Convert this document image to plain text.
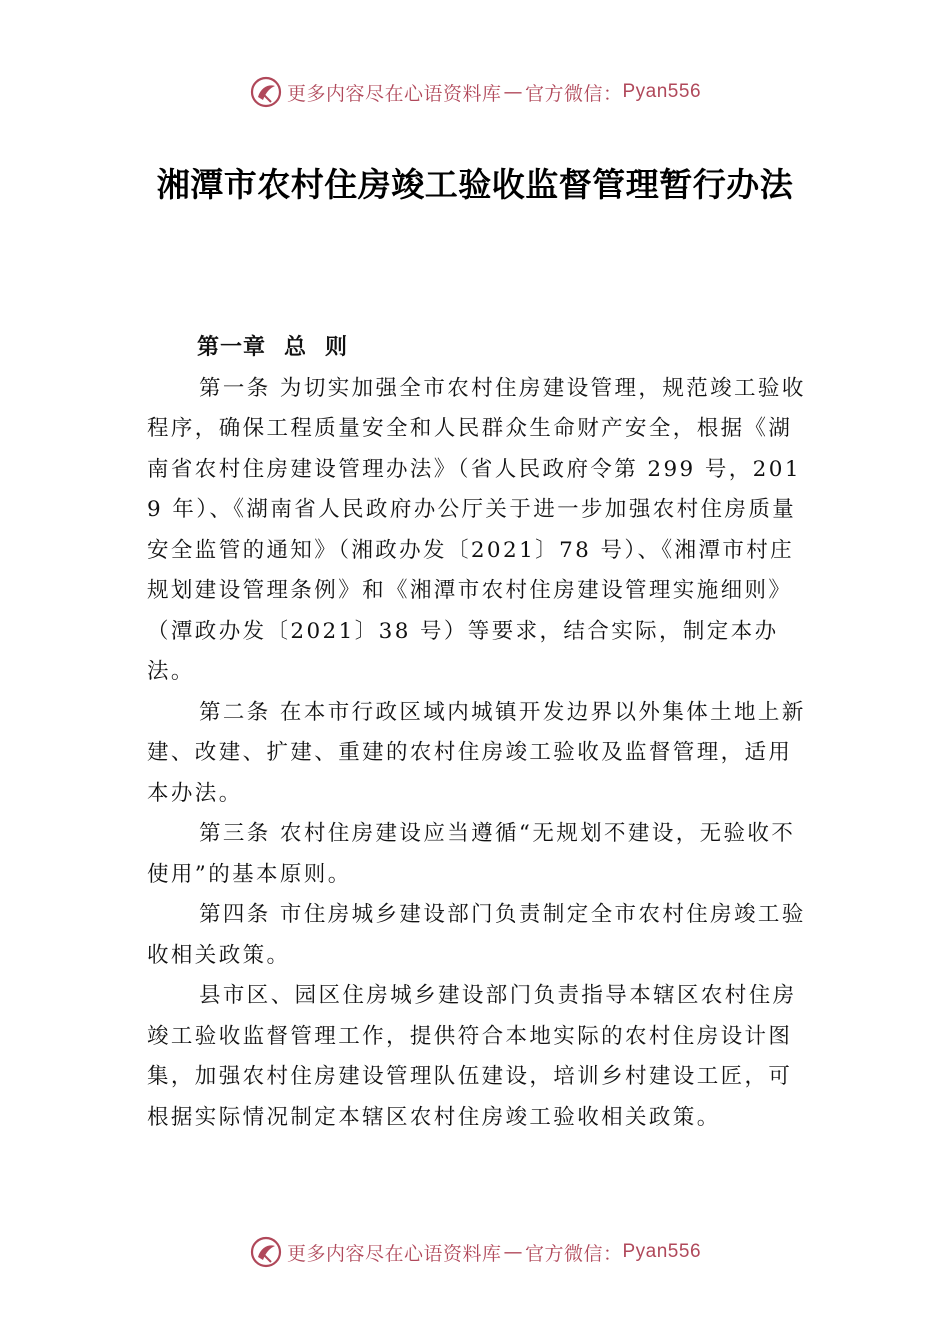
更多内容尽在心语资料库 — 官方微信： Pyan556
湘潭市农村住房竣工验收监督管理暂行办法

第一章 总 则

第一条 为切实加强全市农村住房建设管理，规范竣工验收程序，确保工程质量安全和人民群众生命财产安全，根据《湖南省农村住房建设管理办法》（省人民政府令第 299 号，2019 年）、《湖南省人民政府办公厅关于进一步加强农村住房质量安全监管的通知》（湘政办发〔2021〕78 号）、《湘潭市村庄规划建设管理条例》和《湘潭市农村住房建设管理实施细则》（潭政办发〔2021〕38 号）等要求，结合实际，制定本办法。

第二条 在本市行政区域内城镇开发边界以外集体土地上新建、改建、扩建、重建的农村住房竣工验收及监督管理，适用本办法。

第三条 农村住房建设应当遵循“无规划不建设，无验收不使用”的基本原则。

第四条 市住房城乡建设部门负责制定全市农村住房竣工验收相关政策。

县市区、园区住房城乡建设部门负责指导本辖区农村住房竣工验收监督管理工作，提供符合本地实际的农村住房设计图集，加强农村住房建设管理队伍建设，培训乡村建设工匠，可根据实际情况制定本辖区农村住房竣工验收相关政策。

更多内容尽在心语资料库 — 官方微信： Pyan556
